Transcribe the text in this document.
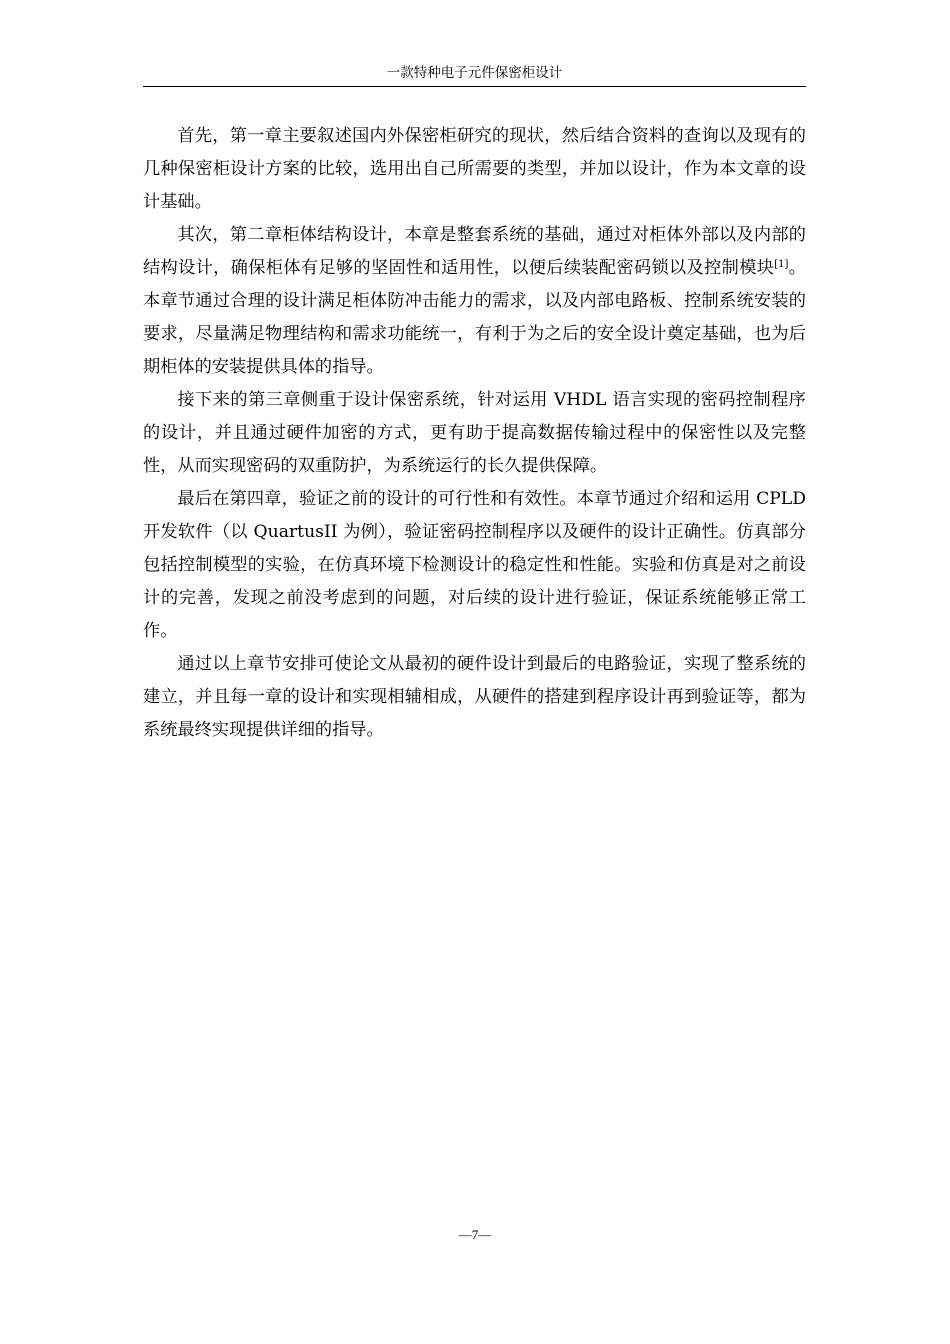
一款特种电子元件保密柜设计

首先，第一章主要叙述国内外保密柜研究的现状，然后结合资料的查询以及现有的几种保密柜设计方案的比较，选用出自己所需要的类型，并加以设计，作为本文章的设计基础。

其次，第二章柜体结构设计，本章是整套系统的基础，通过对柜体外部以及内部的结构设计，确保柜体有足够的坚固性和适用性，以便后续装配密码锁以及控制模块[1]。本章节通过合理的设计满足柜体防冲击能力的需求，以及内部电路板、控制系统安装的要求，尽量满足物理结构和需求功能统一，有利于为之后的安全设计奠定基础，也为后期柜体的安装提供具体的指导。

接下来的第三章侧重于设计保密系统，针对运用 VHDL 语言实现的密码控制程序的设计，并且通过硬件加密的方式，更有助于提高数据传输过程中的保密性以及完整性，从而实现密码的双重防护，为系统运行的长久提供保障。

最后在第四章，验证之前的设计的可行性和有效性。本章节通过介绍和运用 CPLD 开发软件（以 QuartusII 为例），验证密码控制程序以及硬件的设计正确性。仿真部分包括控制模型的实验，在仿真环境下检测设计的稳定性和性能。实验和仿真是对之前设计的完善，发现之前没考虑到的问题，对后续的设计进行验证，保证系统能够正常工作。

通过以上章节安排可使论文从最初的硬件设计到最后的电路验证，实现了整系统的建立，并且每一章的设计和实现相辅相成，从硬件的搭建到程序设计再到验证等，都为系统最终实现提供详细的指导。

—7—
